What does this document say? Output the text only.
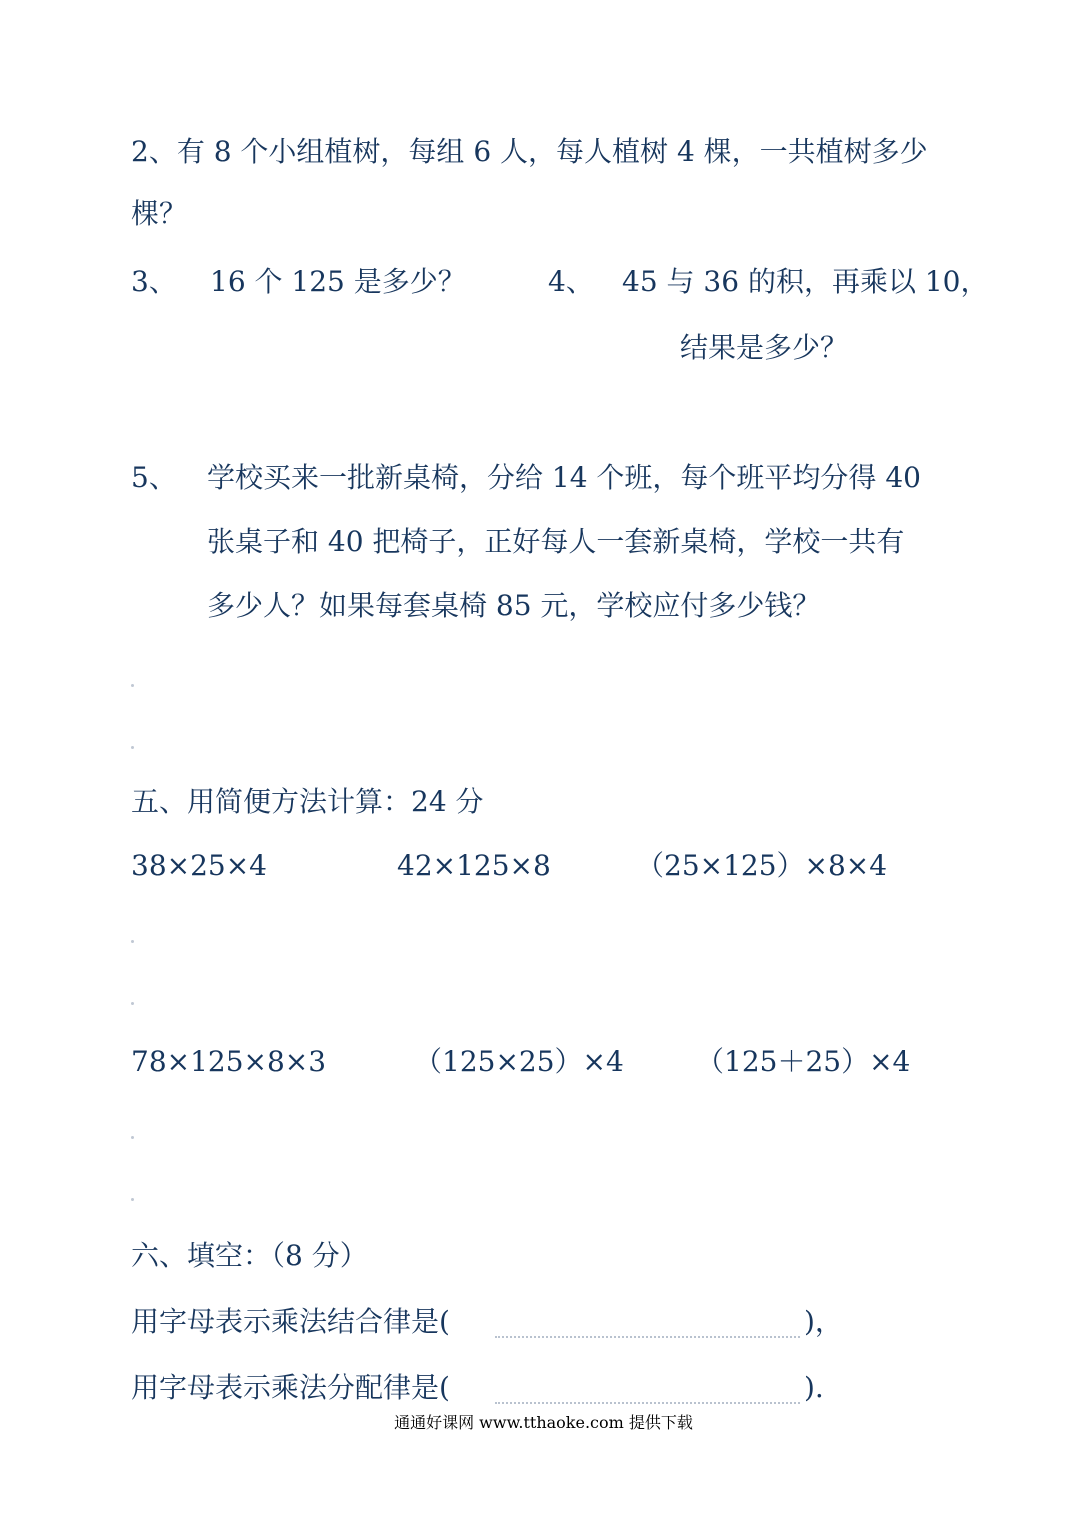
2、有 8 个小组植树，每组 6 人，每人植树 4 棵，一共植树多少
棵？
3、 16 个 125 是多少？	4、 45 与 36 的积，再乘以 10，
结果是多少？
5、 学校买来一批新桌椅，分给 14 个班，每个班平均分得 40
张桌子和 40 把椅子，正好每人一套新桌椅，学校一共有
多少人？如果每套桌椅 85 元，学校应付多少钱？
五、用简便方法计算：24 分
38×25×4	42×125×8	（25×125）×8×4
78×125×8×3	（125×25）×4	（125＋25）×4
六、填空：（8 分）
用字母表示乘法结合律是(	)，
用字母表示乘法分配律是(	).
通通好课网 www.tthaoke.com 提供下载
